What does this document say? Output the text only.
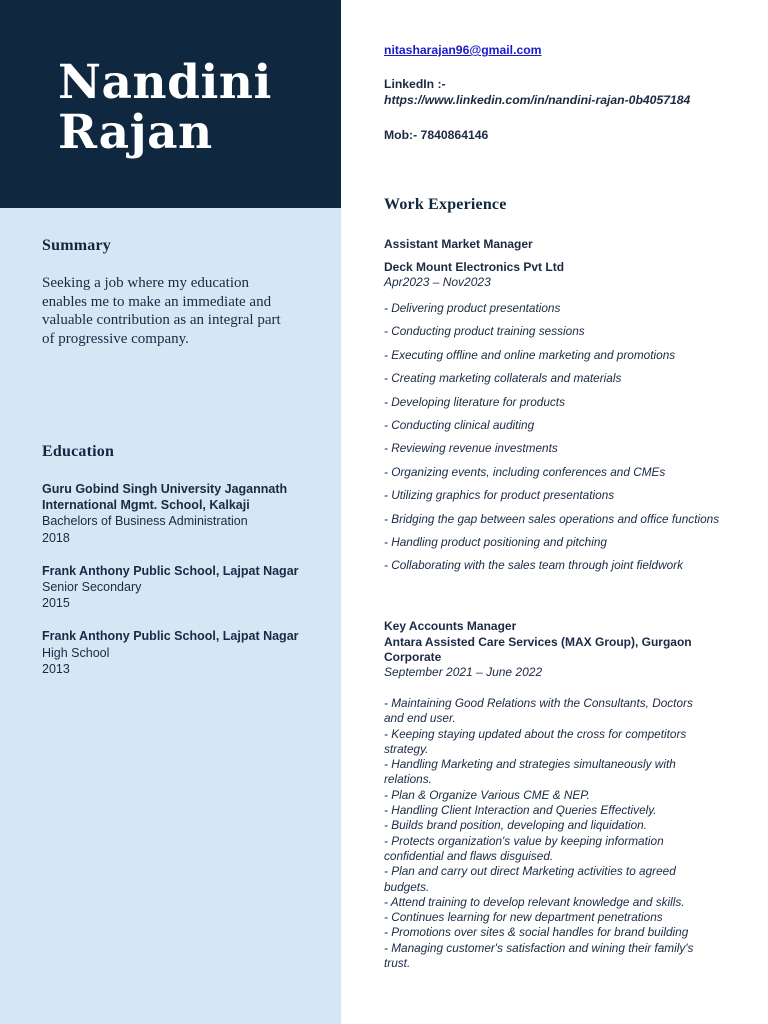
Nandini Rajan
Summary
Seeking a job where my education enables me to make an immediate and valuable contribution as an integral part of progressive company.
Education
Guru Gobind Singh University Jagannath International Mgmt. School, Kalkaji
Bachelors of Business Administration
2018
Frank Anthony Public School, Lajpat Nagar
Senior Secondary
2015
Frank Anthony Public School, Lajpat Nagar
High School
2013
nitasharajan96@gmail.com
LinkedIn :-
https://www.linkedin.com/in/nandini-rajan-0b4057184
Mob:- 7840864146
Work Experience
Assistant Market Manager
Deck Mount Electronics Pvt Ltd
Apr2023 – Nov2023
- Delivering product presentations
- Conducting product training sessions
- Executing offline and online marketing and promotions
- Creating marketing collaterals and materials
- Developing literature for products
- Conducting clinical auditing
- Reviewing revenue investments
- Organizing events, including conferences and CMEs
- Utilizing graphics for product presentations
- Bridging the gap between sales operations and office functions
- Handling product positioning and pitching
- Collaborating with the sales team through joint fieldwork
Key Accounts Manager
Antara Assisted Care Services (MAX Group), Gurgaon Corporate
September 2021 – June 2022
- Maintaining Good Relations with the Consultants, Doctors and end user.
- Keeping staying updated about the cross for competitors strategy.
- Handling Marketing and strategies simultaneously with relations.
- Plan & Organize Various CME & NEP.
- Handling Client Interaction and Queries Effectively.
- Builds brand position, developing and liquidation.
- Protects organization's value by keeping information confidential and flaws disguised.
- Plan and carry out direct Marketing activities to agreed budgets.
- Attend training to develop relevant knowledge and skills.
- Continues learning for new department penetrations
- Promotions over sites & social handles for brand building
- Managing customer's satisfaction and wining their family's trust.
